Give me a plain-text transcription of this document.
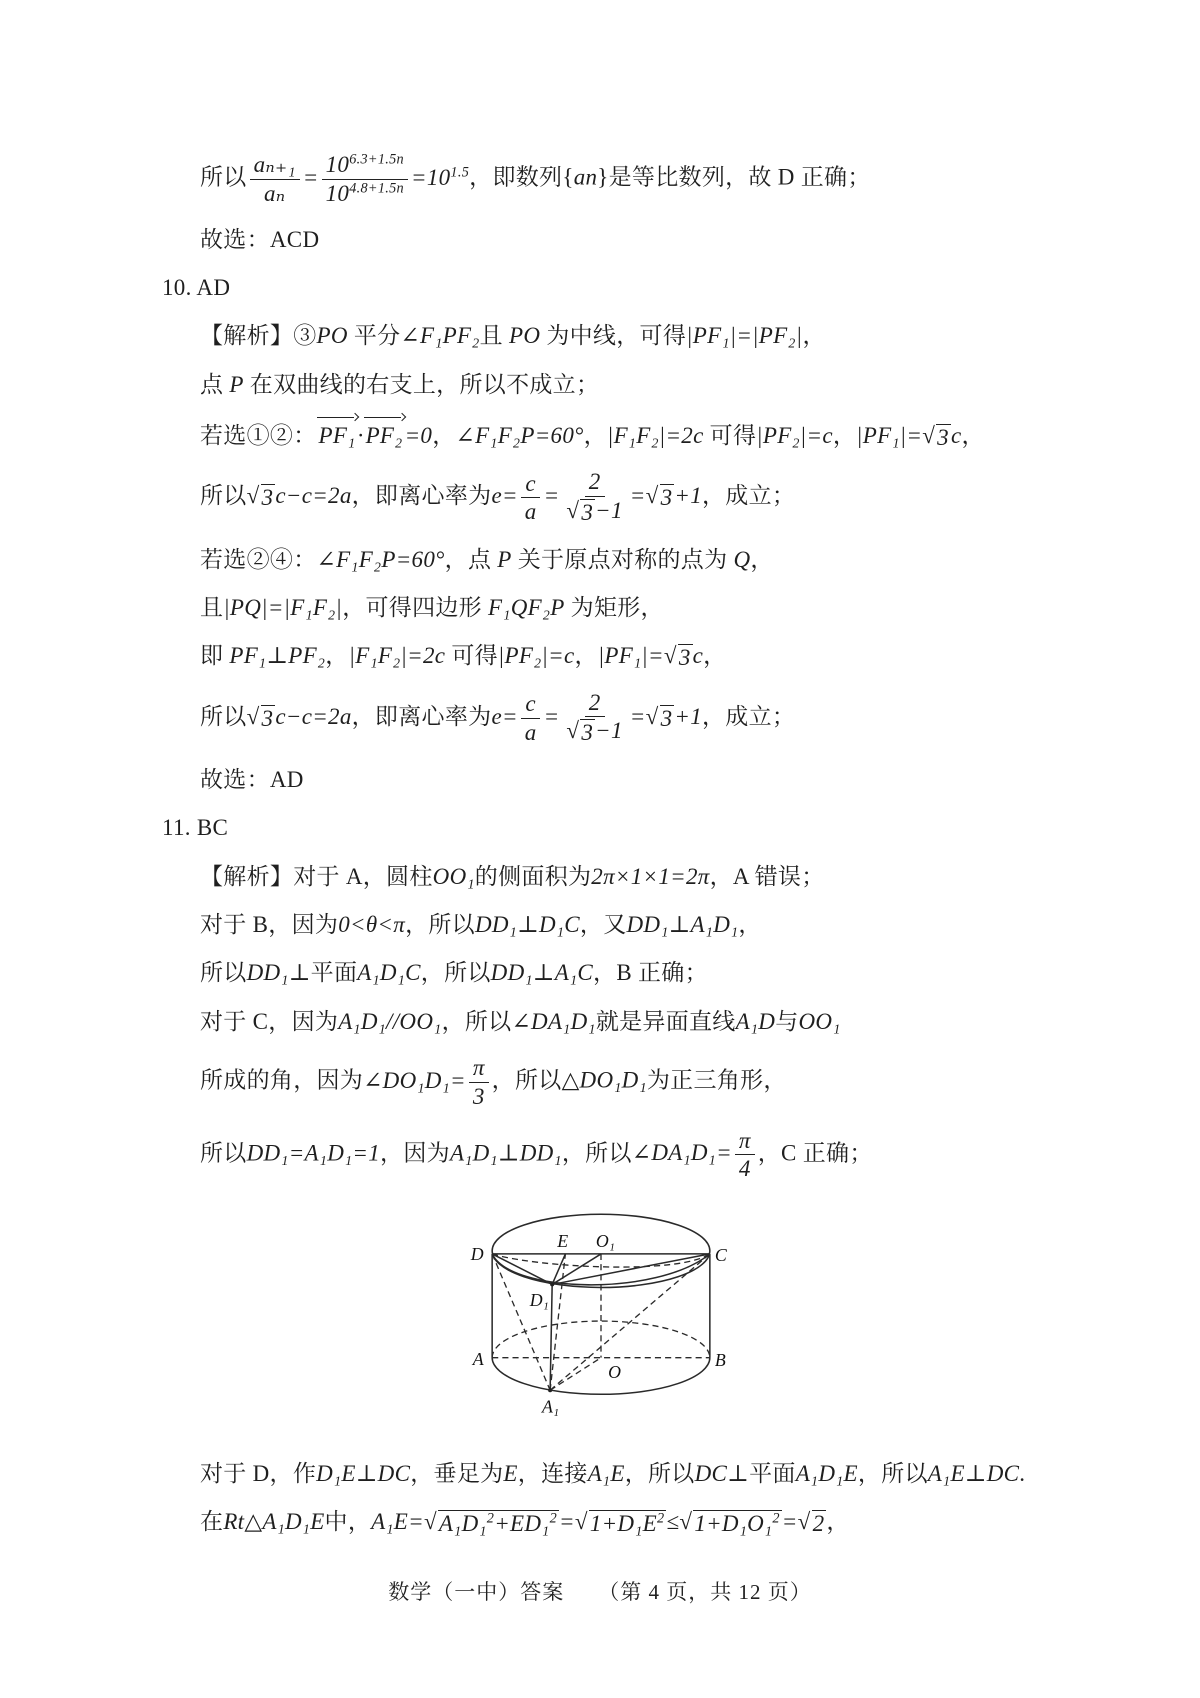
所以 $\frac{\text{aₙ₊₁}}{\text{aₙ}} = \frac{10^{6.3+1.5n}}{10^{4.8+1.5n}} =10^{1.5}$，即数列{an}是等比数列，故 D 正确；
故选：ACD
10. AD
【解析】③PO 平分∠F₁PF₂且 PO 为中线，可得|PF₁|=|PF₂|，
点 P 在双曲线的右支上，所以不成立；
若选①②：PF₁·PF₂=0，∠F₁F₂P=60°，|F₁F₂|=2c 可得|PF₂|=c，|PF₁|= √ 3 c，
所以 √ 3 c−c=2a，即离心率为$e= \frac{c}{a} = \frac{2}{√ 3 -1}$ = √ 3 +1，成立；
若选②④：∠F₁F₂P=60°，点 P 关于原点对称的点为 Q，
且|PQ|=|F₁F₂|，可得四边形 F₁QF₂P 为矩形，
即 PF₁⊥PF₂，|F₁F₂|=2c 可得|PF₂|=c，|PF₁|= √ 3 c，
所以 √ 3 c−c=2a，即离心率为$e= \frac{c}{a} = \frac{2}{√ 3 -1}$ = √ 3 +1，成立；
故选：AD
11. BC
【解析】对于 A，圆柱OO₁的侧面积为2π×1×1=2π，A 错误；
对于 B，因为0<θ<π，所以DD₁⊥D₁C，又DD₁⊥A₁D₁，
所以DD₁⊥平面A₁D₁C，所以DD₁⊥A₁C，B 正确；
对于 C，因为A₁D₁//OO₁，所以∠DA₁D₁就是异面直线A₁D与OO₁
所成的角，因为∠DO₁D₁= $\frac{\pi}{3}$ ，所以△DO₁D₁为正三角形，
所以DD₁=A₁D₁=1，因为A₁D₁⊥DD₁，所以∠DA₁D₁= $\frac{\pi}{4}$ ，C 正确；
D
E O₁
C
D₁
A
O
B
A₁
对于 D，作D₁E⊥DC，垂足为E，连接A₁E，所以DC⊥平面A₁D₁E，所以A₁E⊥DC.
在Rt△A₁D₁E中，A₁E= √ A₁D₁$^2$+ED₁$^2$ = √ $1+D_1E^2$ ≤ √ 1+D₁O₁$^2$ = √ 2 ，
数学（一中）答案 （第 4 页，共 12 页）
